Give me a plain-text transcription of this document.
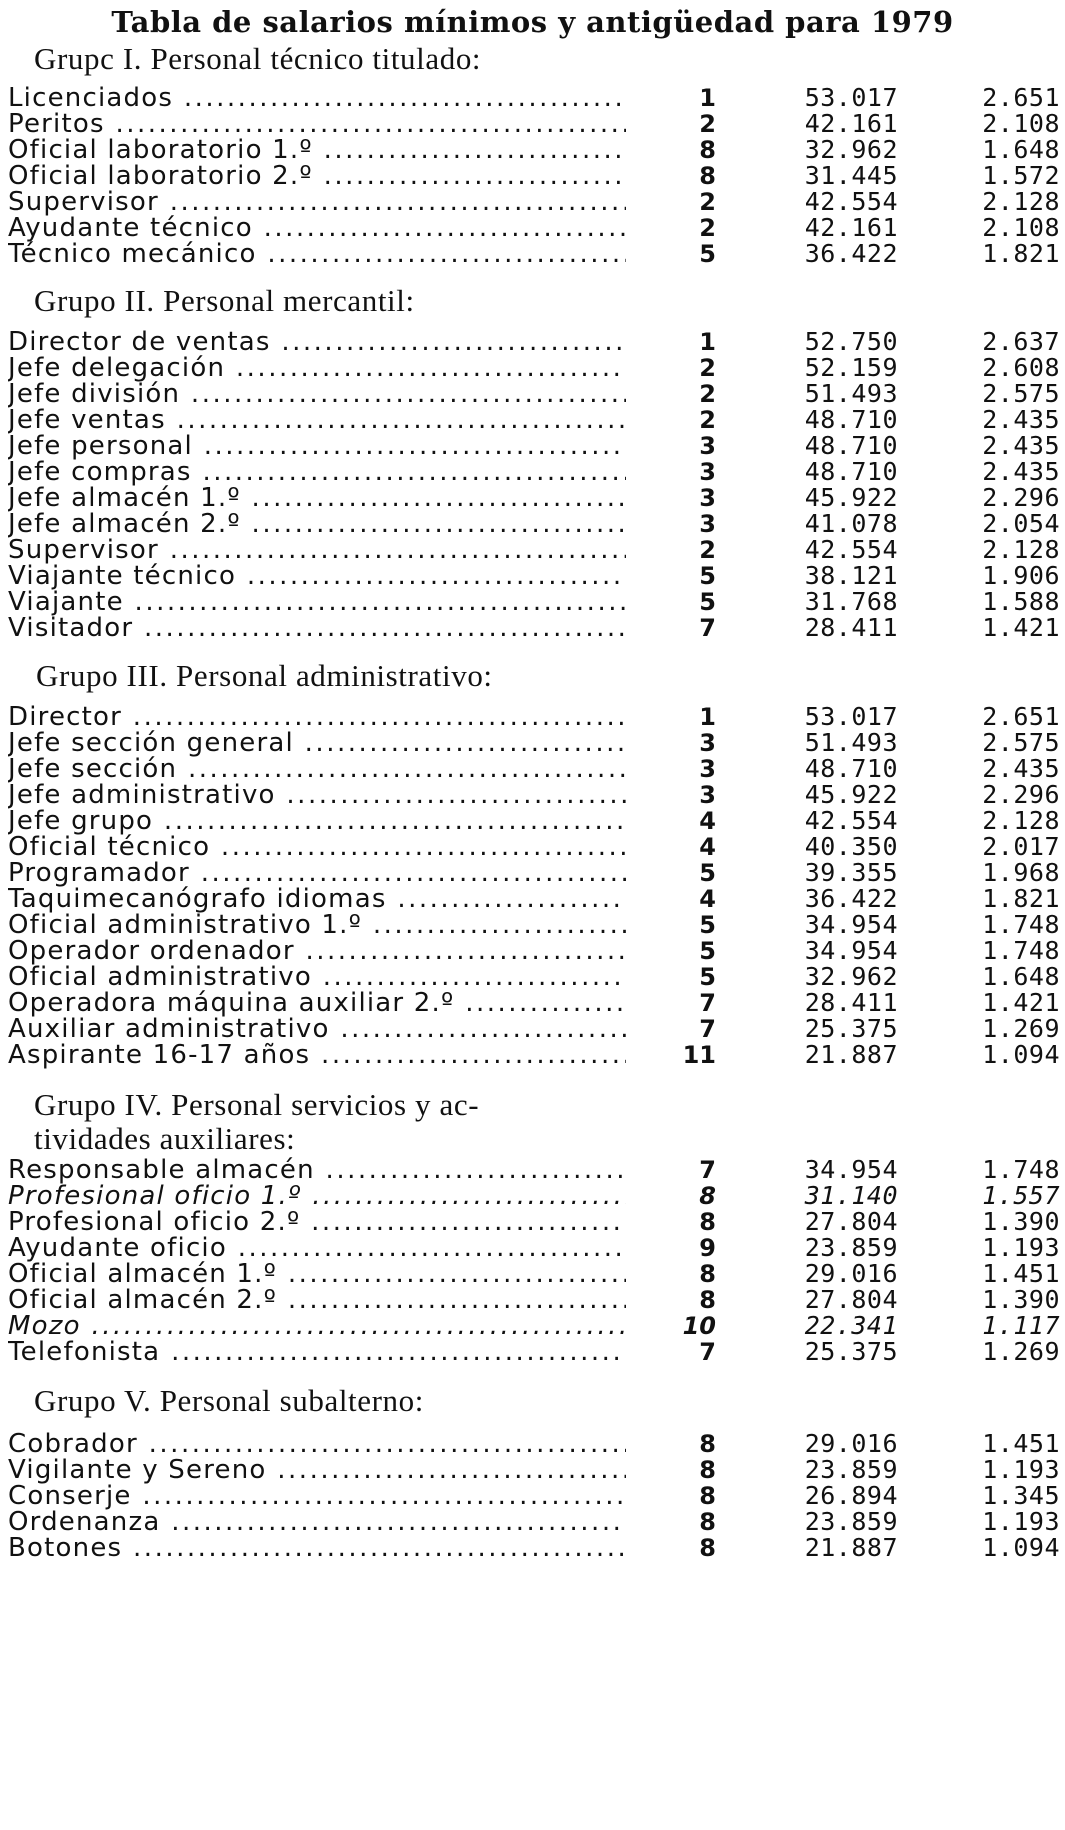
Tabla de salarios mínimos y antigüedad para 1979
Grupc I. Personal técnico titulado:
Licenciados .....	1	53.017	2.651
Peritos .....	2	42.161	2.108
Oficial laboratorio 1.º .....	8	32.962	1.648
Oficial laboratorio 2.º .....	8	31.445	1.572
Supervisor .....	2	42.554	2.128
Ayudante técnico .....	2	42.161	2.108
Técnico mecánico .....	5	36.422	1.821
Grupo II. Personal mercantil:
Director de ventas .....	1	52.750	2.637
Jefe delegación .....	2	52.159	2.608
Jefe división .....	2	51.493	2.575
Jefe ventas .....	2	48.710	2.435
Jefe personal .....	3	48.710	2.435
Jefe compras .....	3	48.710	2.435
Jefe almacén 1.º .....	3	45.922	2.296
Jefe almacén 2.º .....	3	41.078	2.054
Supervisor .....	2	42.554	2.128
Viajante técnico .....	5	38.121	1.906
Viajante .....	5	31.768	1.588
Visitador .....	7	28.411	1.421
Grupo III. Personal administrativo:
Director .....	1	53.017	2.651
Jefe sección general .....	3	51.493	2.575
Jefe sección .....	3	48.710	2.435
Jefe administrativo .....	3	45.922	2.296
Jefe grupo .....	4	42.554	2.128
Oficial técnico .....	4	40.350	2.017
Programador .....	5	39.355	1.968
Taquimecanógrafo idiomas .....	4	36.422	1.821
Oficial administrativo 1.º .....	5	34.954	1.748
Operador ordenador .....	5	34.954	1.748
Oficial administrativo .....	5	32.962	1.648
Operadora máquina auxiliar 2.º .....	7	28.411	1.421
Auxiliar administrativo .....	7	25.375	1.269
Aspirante 16-17 años .....	11	21.887	1.094
Grupo IV. Personal servicios y ac-
tividades auxiliares:
Responsable almacén .....	7	34.954	1.748
Profesional oficio 1.º .....	8	31.140	1.557
Profesional oficio 2.º .....	8	27.804	1.390
Ayudante oficio .....	9	23.859	1.193
Oficial almacén 1.º .....	8	29.016	1.451
Oficial almacén 2.º .....	8	27.804	1.390
Mozo .....	10	22.341	1.117
Telefonista .....	7	25.375	1.269
Grupo V. Personal subalterno:
Cobrador .....	8	29.016	1.451
Vigilante y Sereno .....	8	23.859	1.193
Conserje .....	8	26.894	1.345
Ordenanza .....	8	23.859	1.193
Botones .....	8	21.887	1.094
